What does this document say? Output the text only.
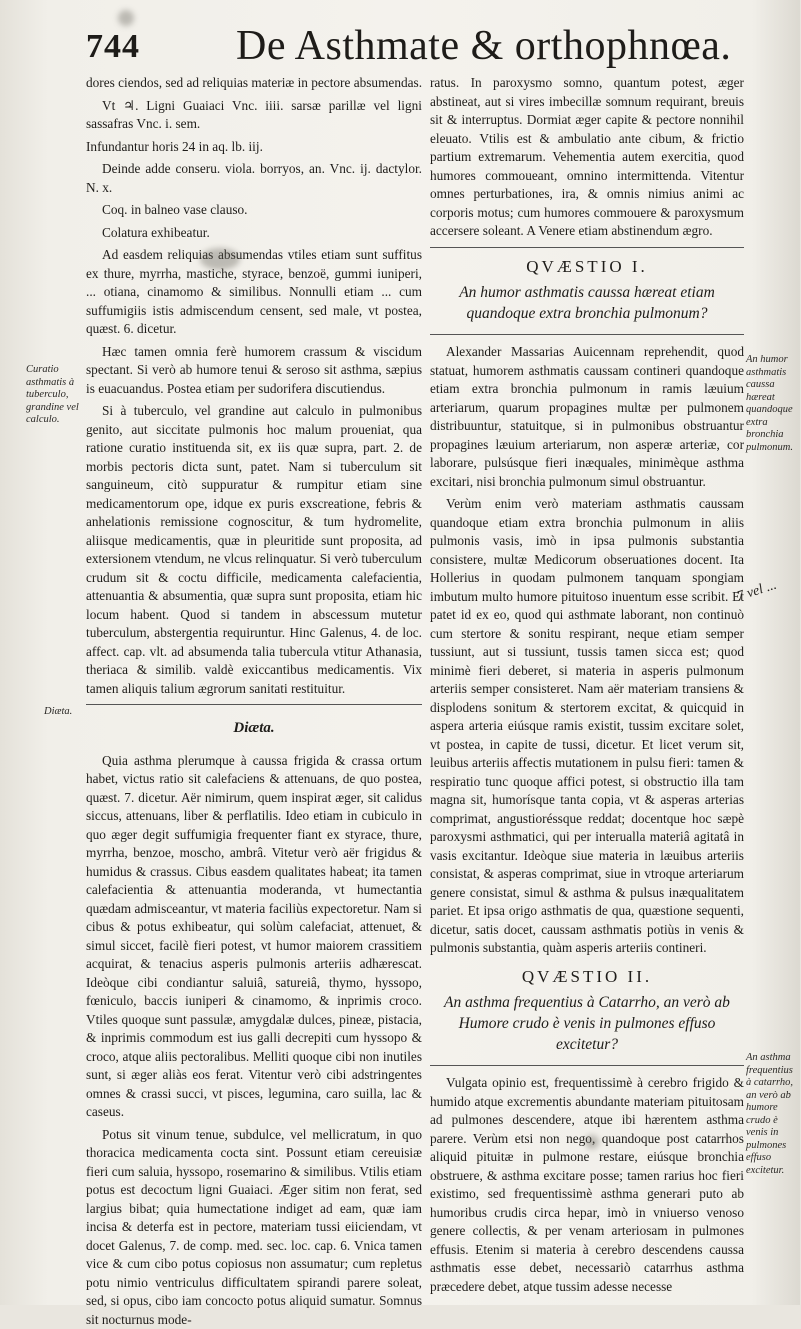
744 De Asthmate & orthophnœa.

dores ciendos, sed ad reliquias materiæ in pectore absumendas.

Vt ♃. Ligni Guaiaci Vnc. iiii. sarsæ parillæ vel ligni sassafras Vnc. i. sem.

Infundantur horis 24 in aq. lb. iij.

Deinde adde conseru. viola. borryos, an. Vnc. ij. dactylor. N. x.

Coq. in balneo vase clauso.

Colatura exhibeatur.

Ad easdem reliquias absumendas vtiles etiam sunt suffitus ex thure, myrrha, mastiche, styrace, benzoë, gummi iuniperi, ... otiana, cinamomo & similibus. Nonnulli etiam ... cum suffumigiis istis admiscendum censent, sed male, vt postea, quæst. 6. dicetur.

Hæc tamen omnia ferè humorem crassum & viscidum spectant. Si verò ab humore tenui & seroso sit asthma, sæpius is euacuandus. Postea etiam per sudorifera discutiendus.

Si à tuberculo, vel grandine aut calculo in pulmonibus genito, aut siccitate pulmonis hoc malum proueniat, qua ratione curatio instituenda sit, ex iis quæ supra, part. 2. de morbis pectoris dicta sunt, patet. Nam si tuberculum sit sanguineum, citò suppuratur & rumpitur etiam sine medicamentorum ope, idque ex puris exscreatione, febris & anhelationis remissione cognoscitur, & tum hydromelite, aliisque medicamentis, quæ in pleuritide sunt proposita, ad extersionem vtendum, ne vlcus relinquatur. Si verò tuberculum crudum sit & coctu difficile, medicamenta calefacientia, attenuantia & absumentia, quæ supra sunt proposita, etiam hic locum habent. Quod si tandem in abscessum mutetur tuberculum, abstergentia requiruntur. Hinc Galenus, 4. de loc. affect. cap. vlt. ad absumenda talia tubercula vtitur Athanasia, theriaca & similib. valdè exiccantibus medicamentis. Vix tamen aliquis talium ægrorum sanitati restituitur.

Diæta.

Quia asthma plerumque à caussa frigida & crassa ortum habet, victus ratio sit calefaciens & attenuans, de quo postea, quæst. 7. dicetur. Aër nimirum, quem inspirat æger, sit calidus siccus, attenuans, liber & perflatilis. Ideo etiam in cubiculo in quo æger degit suffumigia frequenter fiant ex styrace, thure, myrrha, benzoe, moscho, ambrâ. Vitetur verò aër frigidus & humidus & crassus. Cibus easdem qualitates habeat; ita tamen calefacientia & attenuantia moderanda, vt humectantia quædam admisceantur, vt materia faciliùs expectoretur. Nam si cibus & potus exhibeatur, qui solùm calefaciat, attenuet, & simul siccet, facilè fieri potest, vt humor maiorem crassitiem acquirat, & tenacius asperis pulmonis arteriis adhærescat. Ideòque cibi condiantur saluiâ, satureiâ, thymo, hyssopo, fœniculo, baccis iuniperi & cinamomo, & inprimis croco. Vtiles quoque sunt passulæ, amygdalæ dulces, pineæ, pistacia, & inprimis commodum est ius galli decrepiti cum hyssopo & croco, atque aliis pectoralibus. Melliti quoque cibi non inutiles sunt, si æger aliàs eos ferat. Vitentur verò cibi adstringentes omnes & crassi succi, vt pisces, legumina, caro suilla, lac & caseus.

Potus sit vinum tenue, subdulce, vel mellicratum, in quo thoracica medicamenta cocta sint. Possunt etiam cereuisiæ fieri cum saluia, hyssopo, rosemarino & similibus. Vtilis etiam potus est decoctum ligni Guaiaci. Æger sitim non ferat, sed largius bibat; quia humectatione indiget ad eam, quæ iam incisa & deterfa est in pectore, materiam tussi eiiciendam, vt docet Galenus, 7. de comp. med. sec. loc. cap. 6. Vnica tamen vice & cum cibo potus copiosus non assumatur; cum repletus potu nimio ventriculus difficultatem spirandi parere soleat, sed, si opus, cibo iam concocto potus aliquid sumatur. Somnus sit nocturnus mode-

ratus. In paroxysmo somno, quantum potest, æger abstineat, aut si vires imbecillæ somnum requirant, breuis sit & interruptus. Dormiat æger capite & pectore nonnihil eleuato. Vtilis est & ambulatio ante cibum, & frictio partium extremarum. Vehementia autem exercitia, quod humores commoueant, omnino intermittenda. Vitentur omnes perturbationes, ira, & omnis nimius animi ac corporis motus; cum humores commouere & paroxysmum accersere soleant. A Venere etiam abstinendum ægro.

QVÆSTIO I.
An humor asthmatis caussa hæreat etiam quandoque extra bronchia pulmonum?

Alexander Massarias Auicennam reprehendit, quod statuat, humorem asthmatis caussam contineri quandoque etiam extra bronchia pulmonum in ramis læuium arteriarum, quarum propagines multæ per pulmonem distribuuntur, statuitque, si in pulmonibus obstruantur propagines læuium arteriarum, non asperæ arteriæ, cor laborare, pulsúsque fieri inæquales, minimèque asthma excitari, nisi bronchia pulmonum simul obstruantur.

Verùm enim verò materiam asthmatis caussam quandoque etiam extra bronchia pulmonum in aliis pulmonis vasis, imò in ipsa pulmonis substantia consistere, multæ Medicorum obseruationes docent. Ita Hollerius in quodam pulmonem tanquam spongiam imbutum multo humore pituitoso inuentum esse scribit. Et patet id ex eo, quod qui asthmate laborant, non continuò cum stertore & sonitu respirant, neque etiam semper tussiunt, aut si tussiunt, tussis tamen sicca est; quod minimè fieri deberet, si materia in asperis pulmonum arteriis semper consisteret. Nam aër materiam transiens & displodens sonitum & stertorem excitat, & quicquid in aspera arteria eiúsque ramis existit, tussim excitare solet, vt postea, in capite de tussi, dicetur. Et licet verum sit, leuibus arteriis affectis mutationem in pulsu fieri: tamen & respiratio tunc quoque affici potest, si obstructio illa tam magna sit, humorísque tanta copia, vt & asperas arterias comprimat, angustioréssque reddat; docentque hoc sæpè paroxysmi asthmatici, qui per interualla materiâ agitatâ in vasis excitantur. Ideòque siue materia in læuibus arteriis consistat, & asperas comprimat, siue in vtroque arteriarum genere consistat, simul & asthma & pulsus inæqualitatem pariet. Et ipsa origo asthmatis de qua, quæstione sequenti, dicetur, satis docet, caussam asthmatis potiùs in venis & pulmonis substantia, quàm asperis arteriis contineri.

QVÆSTIO II.
An asthma frequentius à Catarrho, an verò ab Humore crudo è venis in pulmones effuso excitetur?

Vulgata opinio est, frequentissimè à cerebro frigido & humido atque excrementis abundante materiam pituitosam ad pulmones descendere, atque ibi hærentem asthma parere. Verùm etsi non nego, quandoque post catarrhos aliquid pituitæ in pulmone restare, eiúsque bronchia obstruere, & asthma excitare posse; tamen rarius hoc fieri existimo, sed frequentissimè asthma generari puto ab humoribus crudis circa hepar, imò in vniuerso venoso genere collectis, & per venam arteriosam in pulmones effusis. Etenim si materia à cerebro descendens caussa asthmatis esse debet, necessariò catarrhus asthma præcedere debet, atque tussim adesse necesse

Curatio asthmatis à tuberculo, grandine vel calculo.
Diæta.
An humor asthmatis caussa hæreat quandoque extra bronchia pulmonum.
An asthma frequentius à catarrho, an verò ab humore crudo è venis in pulmones effuso excitetur.
7 vel ...
